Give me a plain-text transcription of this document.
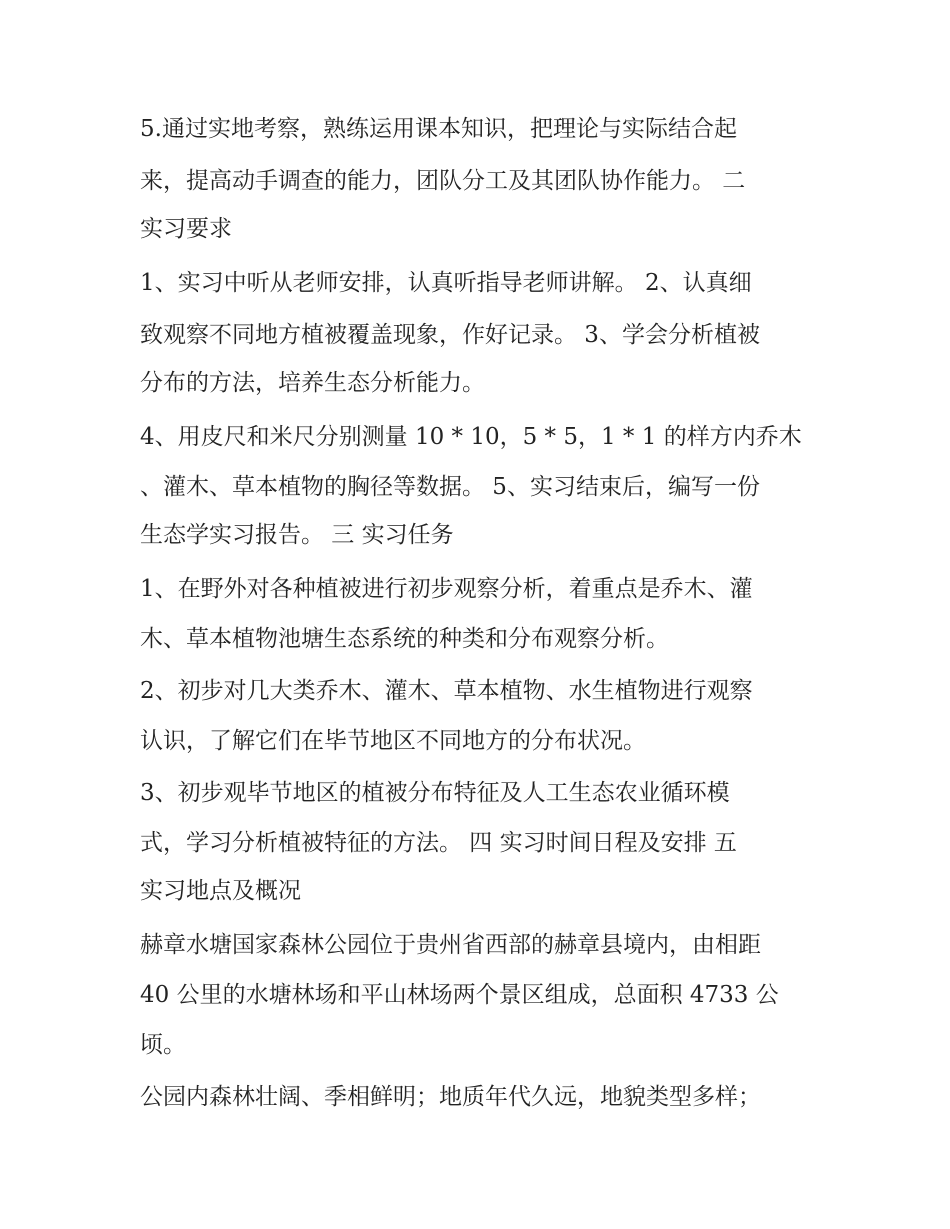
5.通过实地考察，熟练运用课本知识，把理论与实际结合起

来，提高动手调查的能力，团队分工及其团队协作能力。 二

实习要求

1、实习中听从老师安排，认真听指导老师讲解。 2、认真细

致观察不同地方植被覆盖现象，作好记录。 3、学会分析植被

分布的方法，培养生态分析能力。

4、用皮尺和米尺分别测量 10 * 10，5 * 5，1 * 1 的样方内乔木

、灌木、草本植物的胸径等数据。 5、实习结束后，编写一份

生态学实习报告。 三 实习任务

1、在野外对各种植被进行初步观察分析，着重点是乔木、灌

木、草本植物池塘生态系统的种类和分布观察分析。

2、初步对几大类乔木、灌木、草本植物、水生植物进行观察

认识，了解它们在毕节地区不同地方的分布状况。

3、初步观毕节地区的植被分布特征及人工生态农业循环模

式，学习分析植被特征的方法。 四 实习时间日程及安排 五

实习地点及概况

赫章水塘国家森林公园位于贵州省西部的赫章县境内，由相距

40 公里的水塘林场和平山林场两个景区组成，总面积 4733 公

顷。

公园内森林壮阔、季相鲜明；地质年代久远，地貌类型多样；
